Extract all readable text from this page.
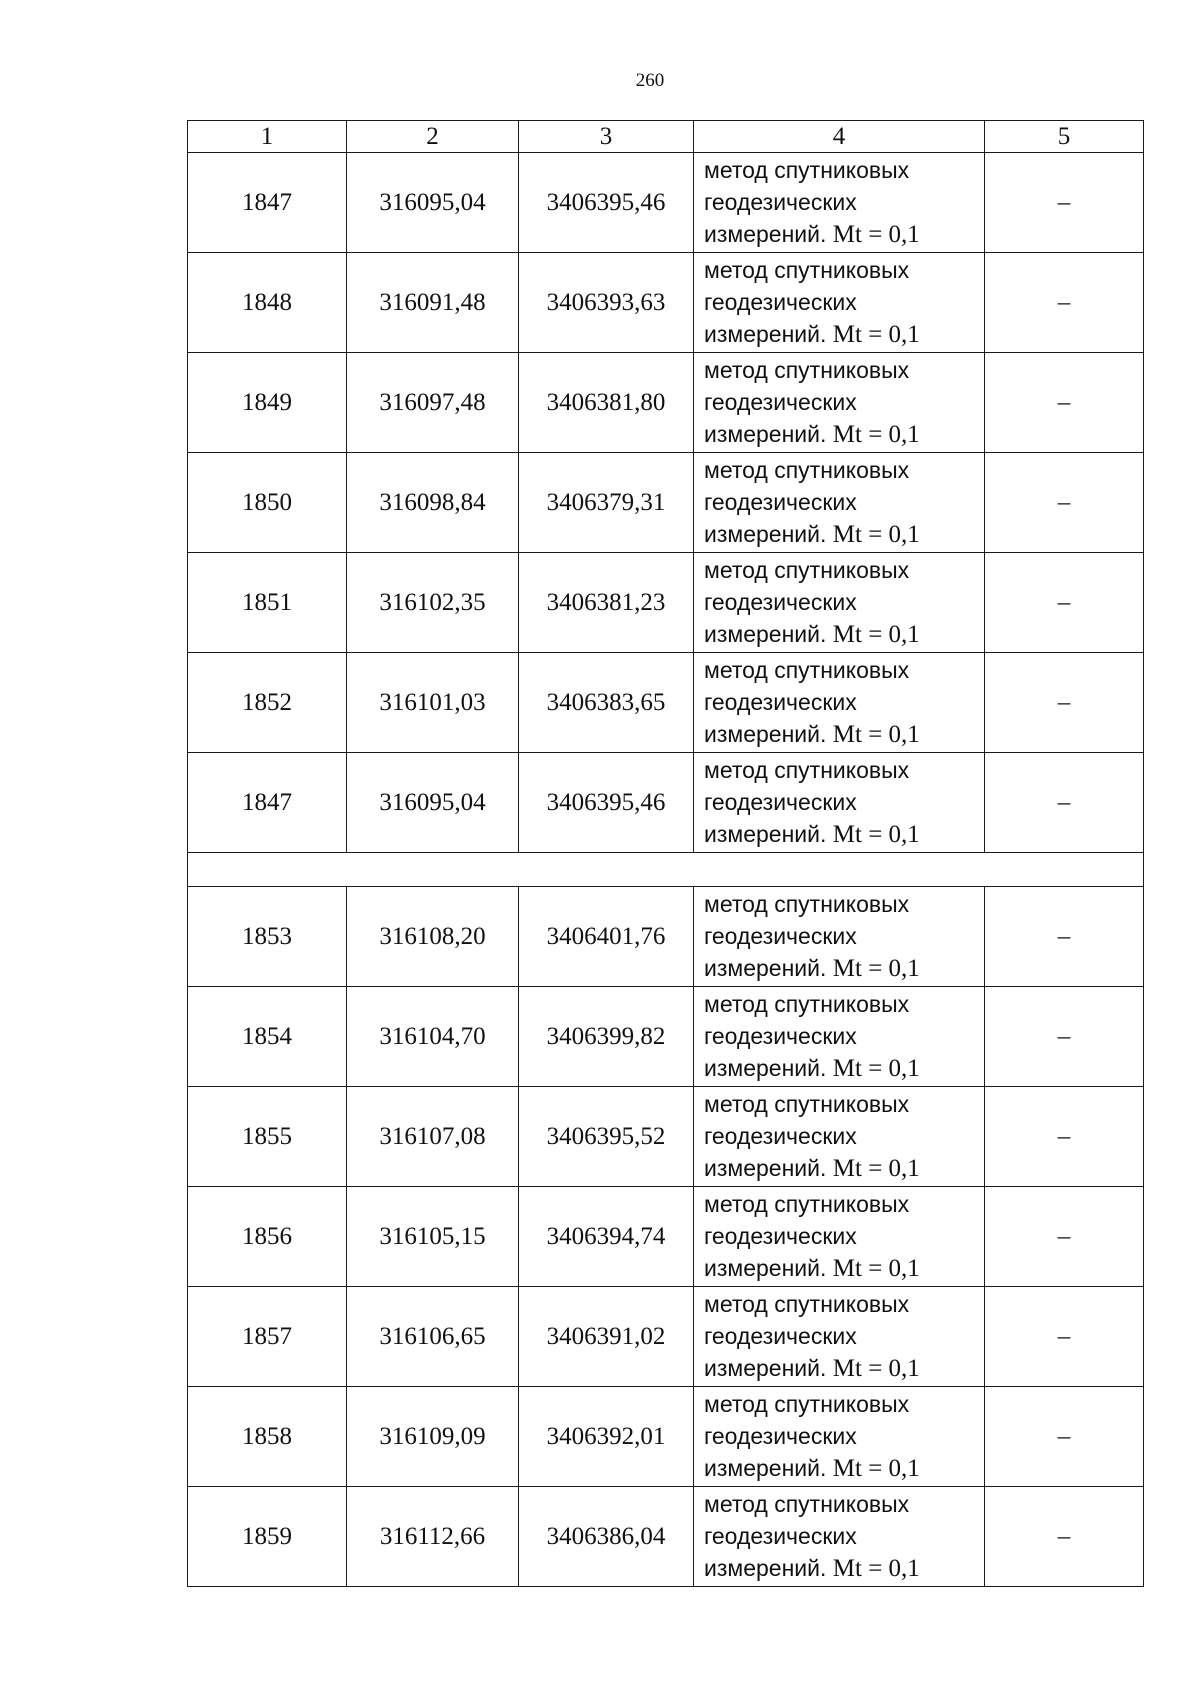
260
1	2	3	4	5
1847	316095,04	3406395,46	метод спутниковых
геодезических
измерений. Mt = 0,1	–
1848	316091,48	3406393,63	метод спутниковых
геодезических
измерений. Mt = 0,1	–
1849	316097,48	3406381,80	метод спутниковых
геодезических
измерений. Mt = 0,1	–
1850	316098,84	3406379,31	метод спутниковых
геодезических
измерений. Mt = 0,1	–
1851	316102,35	3406381,23	метод спутниковых
геодезических
измерений. Mt = 0,1	–
1852	316101,03	3406383,65	метод спутниковых
геодезических
измерений. Mt = 0,1	–
1847	316095,04	3406395,46	метод спутниковых
геодезических
измерений. Mt = 0,1	–

1853	316108,20	3406401,76	метод спутниковых
геодезических
измерений. Mt = 0,1	–
1854	316104,70	3406399,82	метод спутниковых
геодезических
измерений. Mt = 0,1	–
1855	316107,08	3406395,52	метод спутниковых
геодезических
измерений. Mt = 0,1	–
1856	316105,15	3406394,74	метод спутниковых
геодезических
измерений. Mt = 0,1	–
1857	316106,65	3406391,02	метод спутниковых
геодезических
измерений. Mt = 0,1	–
1858	316109,09	3406392,01	метод спутниковых
геодезических
измерений. Mt = 0,1	–
1859	316112,66	3406386,04	метод спутниковых
геодезических
измерений. Mt = 0,1	–
